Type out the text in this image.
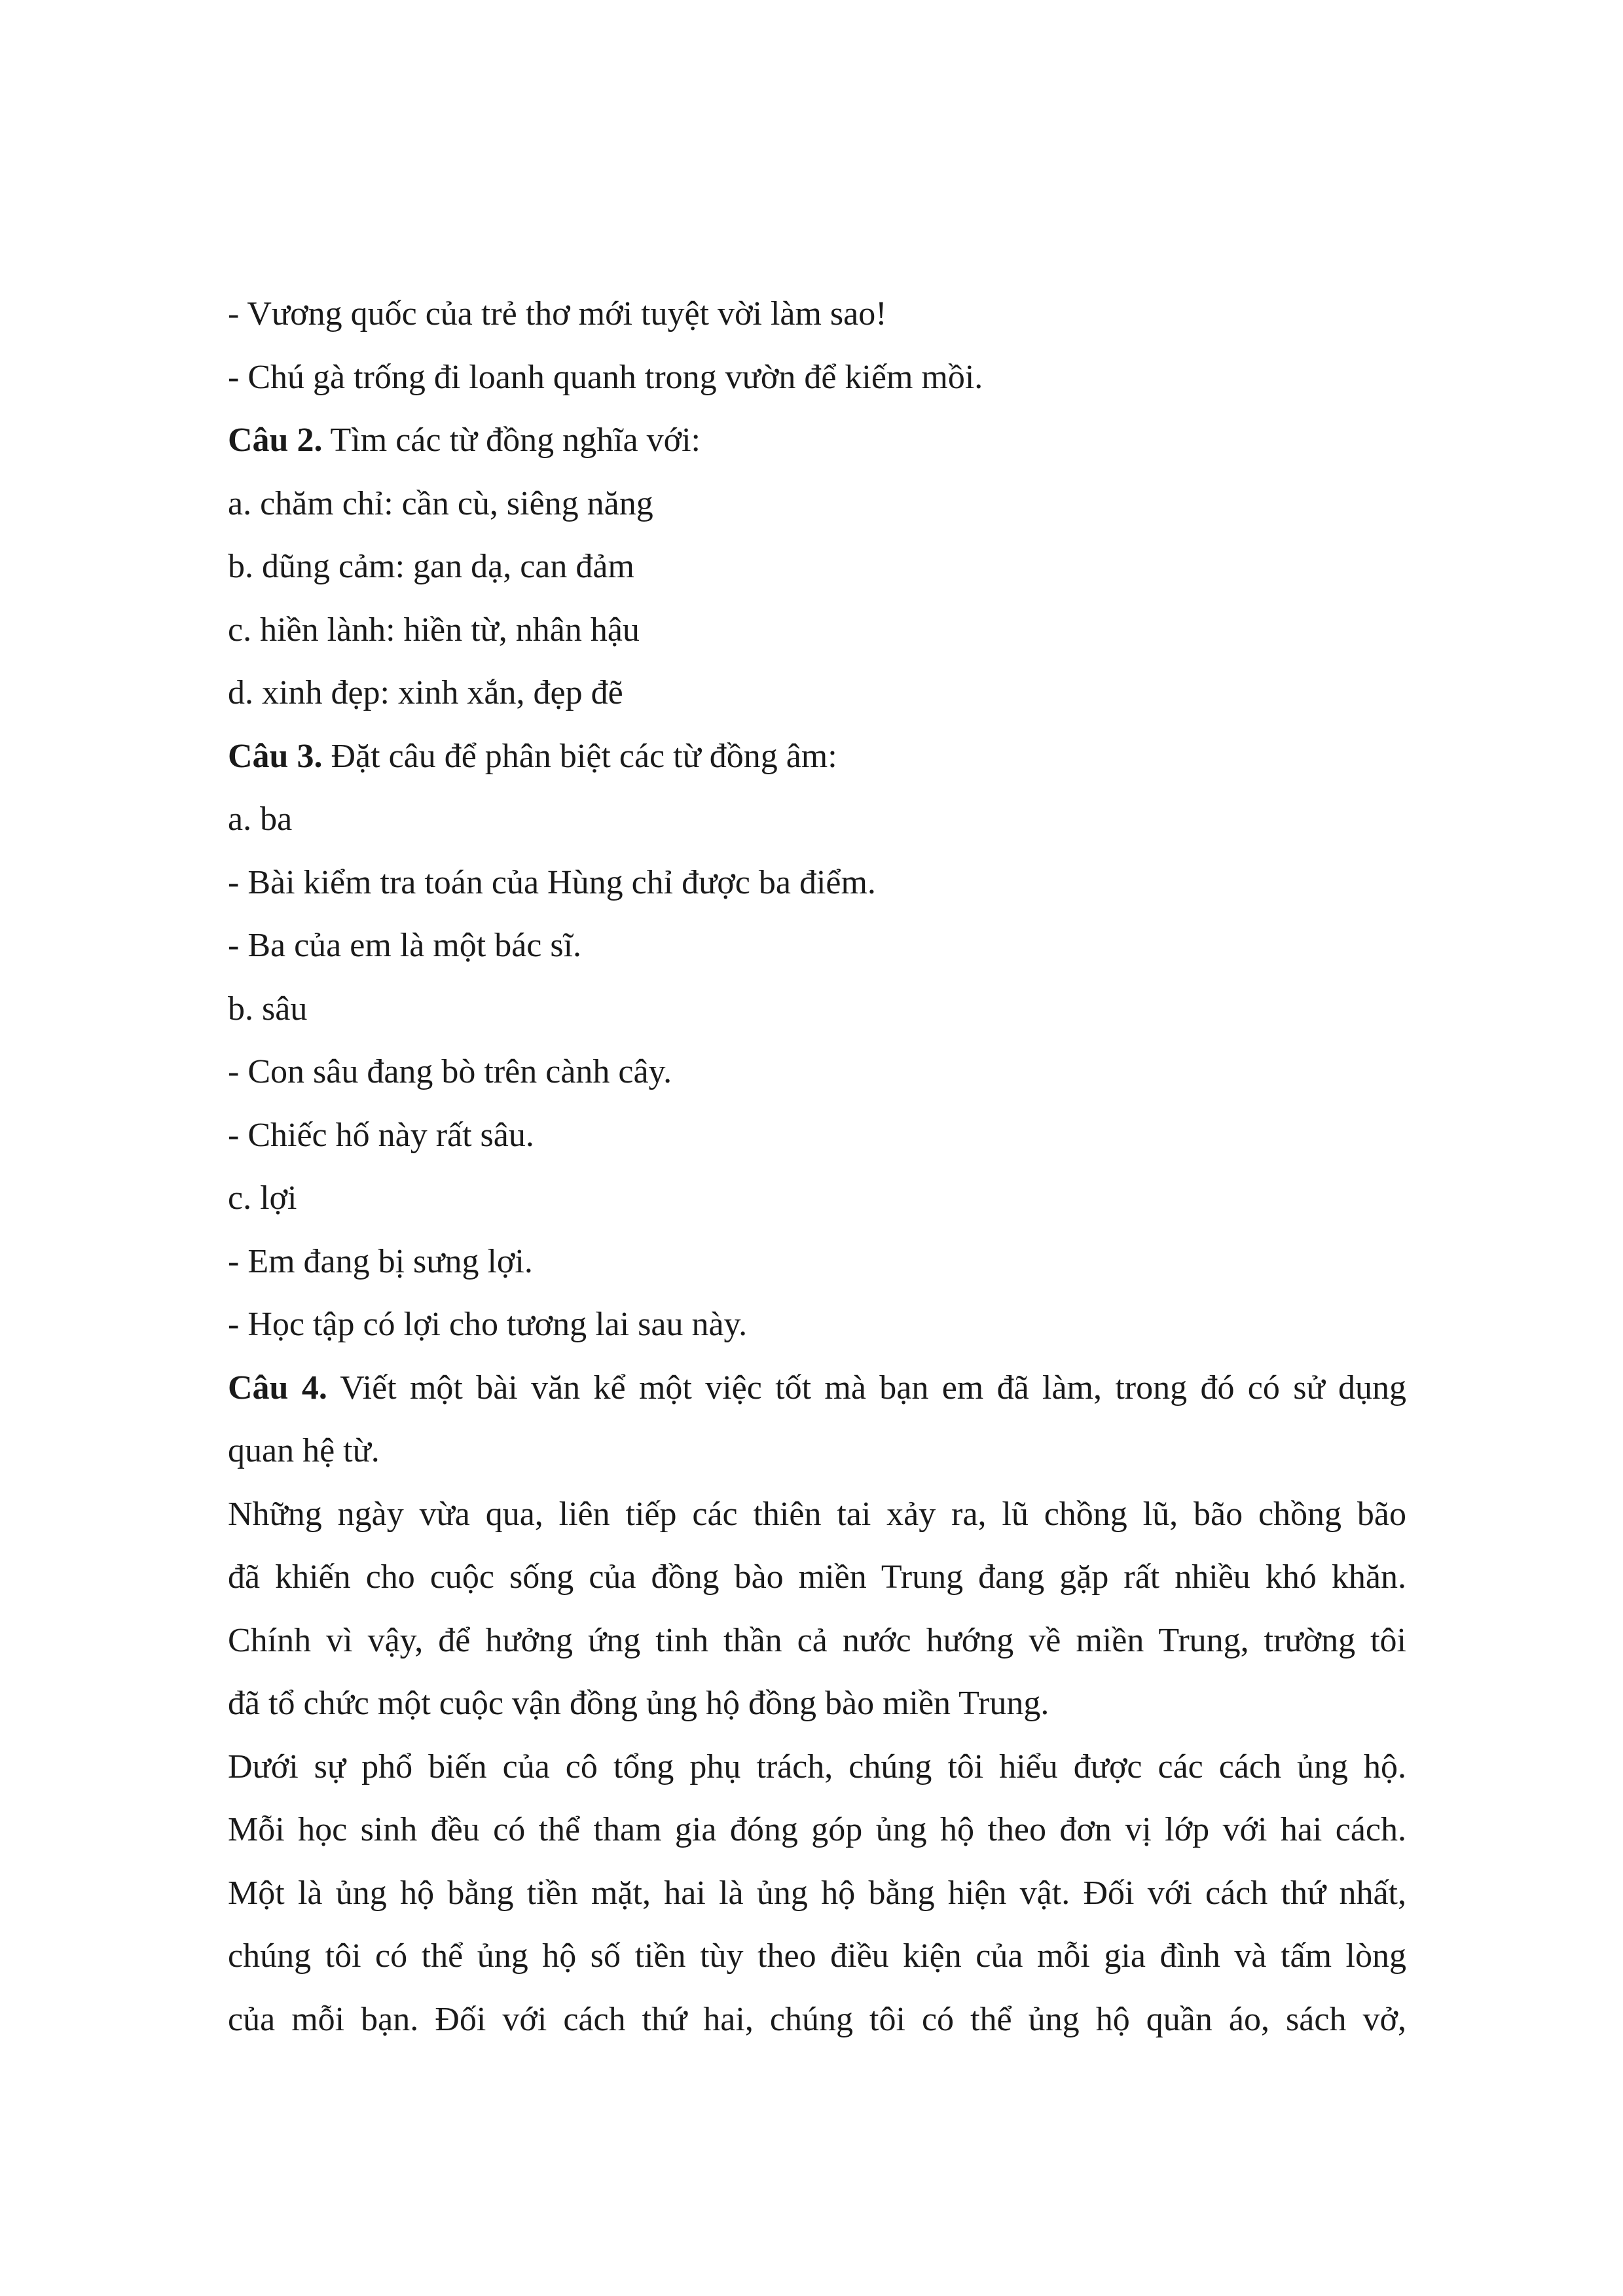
- Vương quốc của trẻ thơ mới tuyệt vời làm sao!
- Chú gà trống đi loanh quanh trong vườn để kiếm mồi.
Câu 2. Tìm các từ đồng nghĩa với:
a. chăm chỉ: cần cù, siêng năng
b. dũng cảm: gan dạ, can đảm
c. hiền lành: hiền từ, nhân hậu
d. xinh đẹp: xinh xắn, đẹp đẽ
Câu 3. Đặt câu để phân biệt các từ đồng âm:
a. ba
- Bài kiểm tra toán của Hùng chỉ được ba điểm.
- Ba của em là một bác sĩ.
b. sâu
- Con sâu đang bò trên cành cây.
- Chiếc hố này rất sâu.
c. lợi
- Em đang bị sưng lợi.
- Học tập có lợi cho tương lai sau này.
Câu 4. Viết một bài văn kể một việc tốt mà bạn em đã làm, trong đó có sử dụng
quan hệ từ.
Những ngày vừa qua, liên tiếp các thiên tai xảy ra, lũ chồng lũ, bão chồng bão
đã khiến cho cuộc sống của đồng bào miền Trung đang gặp rất nhiều khó khăn.
Chính vì vậy, để hưởng ứng tinh thần cả nước hướng về miền Trung, trường tôi
đã tổ chức một cuộc vận đồng ủng hộ đồng bào miền Trung.
Dưới sự phổ biến của cô tổng phụ trách, chúng tôi hiểu được các cách ủng hộ.
Mỗi học sinh đều có thể tham gia đóng góp ủng hộ theo đơn vị lớp với hai cách.
Một là ủng hộ bằng tiền mặt, hai là ủng hộ bằng hiện vật. Đối với cách thứ nhất,
chúng tôi có thể ủng hộ số tiền tùy theo điều kiện của mỗi gia đình và tấm lòng
của mỗi bạn. Đối với cách thứ hai, chúng tôi có thể ủng hộ quần áo, sách vở,
